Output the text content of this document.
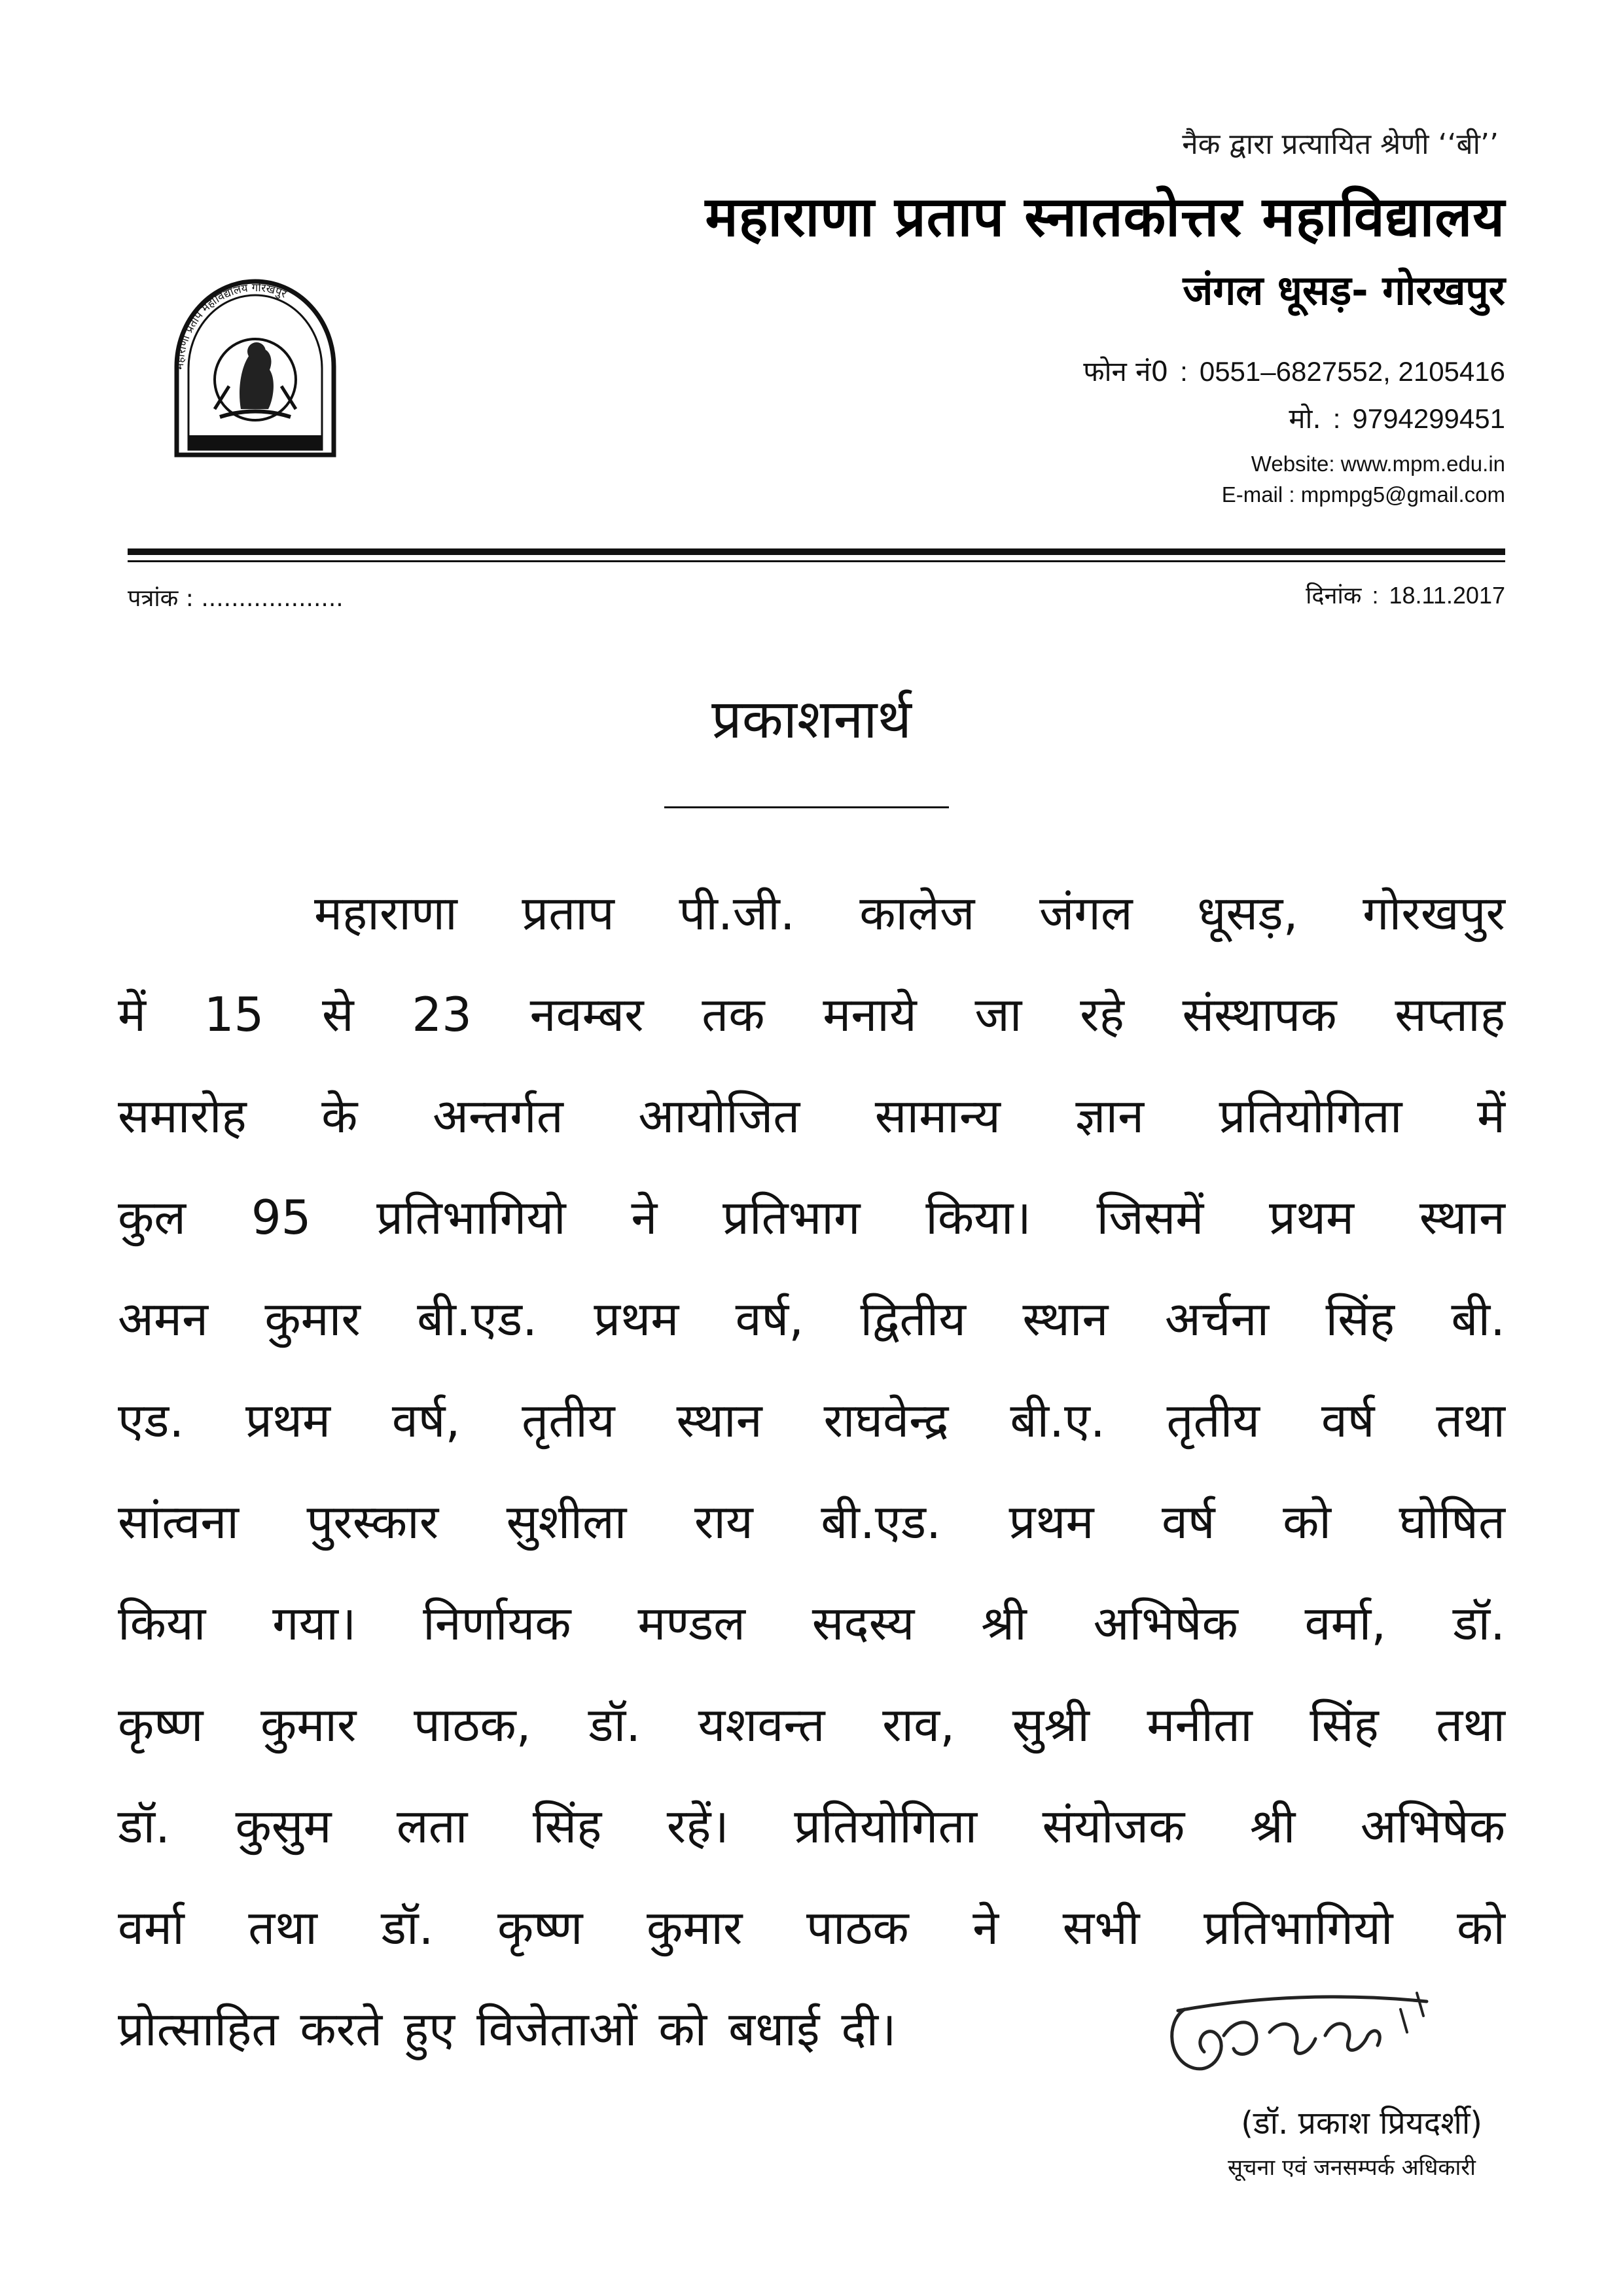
नैक द्वारा प्रत्यायित श्रेणी ‘‘बी’’
महाराणा प्रताप स्नातकोत्तर महाविद्यालय
जंगल धूसड़- गोरखपुर
फोन नं0 : 0551–6827552, 2105416
मो. : 9794299451
Website: www.mpm.edu.in
E-mail : mpmpg5@gmail.com
महाराणा प्रताप महाविद्यालय गोरखपुर
पत्रांक : ...................	दिनांक : 18.11.2017
प्रकाशनार्थ
महाराणा प्रताप पी.जी. कालेज जंगल धूसड़, गोरखपुर
में 15 से 23 नवम्बर तक मनाये जा रहे संस्थापक सप्ताह
समारोह के अन्तर्गत आयोजित सामान्य ज्ञान प्रतियोगिता में
कुल 95 प्रतिभागियो ने प्रतिभाग किया। जिसमें प्रथम स्थान
अमन कुमार बी.एड. प्रथम वर्ष, द्वितीय स्थान अर्चना सिंह बी.
एड. प्रथम वर्ष, तृतीय स्थान राघवेन्द्र बी.ए. तृतीय वर्ष तथा
सांत्वना पुरस्कार सुशीला राय बी.एड. प्रथम वर्ष को घोषित
किया गया। निर्णायक मण्डल सदस्य श्री अभिषेक वर्मा, डॉ.
कृष्ण कुमार पाठक, डॉ. यशवन्त राव, सुश्री मनीता सिंह तथा
डॉ. कुसुम लता सिंह रहें। प्रतियोगिता संयोजक श्री अभिषेक
वर्मा तथा डॉ. कृष्ण कुमार पाठक ने सभी प्रतिभागियो को
प्रोत्साहित करते हुए विजेताओं को बधाई दी।
(डॉ. प्रकाश प्रियदर्शी)
सूचना एवं जनसम्पर्क अधिकारी
